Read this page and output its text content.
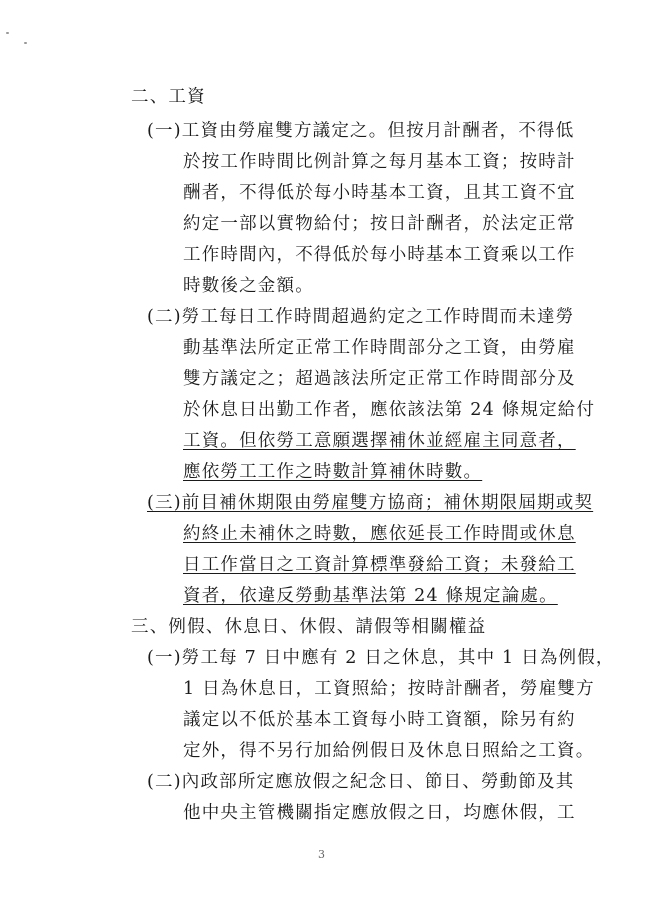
二、工資
(一)工資由勞雇雙方議定之。但按月計酬者，不得低
於按工作時間比例計算之每月基本工資；按時計
酬者，不得低於每小時基本工資，且其工資不宜
約定一部以實物給付；按日計酬者，於法定正常
工作時間內，不得低於每小時基本工資乘以工作
時數後之金額。
(二)勞工每日工作時間超過約定之工作時間而未達勞
動基準法所定正常工作時間部分之工資，由勞雇
雙方議定之；超過該法所定正常工作時間部分及
於休息日出勤工作者，應依該法第 24 條規定給付
工資。但依勞工意願選擇補休並經雇主同意者，
應依勞工工作之時數計算補休時數。
(三)前目補休期限由勞雇雙方協商；補休期限屆期或契
約終止未補休之時數，應依延長工作時間或休息
日工作當日之工資計算標準發給工資；未發給工
資者，依違反勞動基準法第 24 條規定論處。
三、例假、休息日、休假、請假等相關權益
(一)勞工每 7 日中應有 2 日之休息，其中 1 日為例假，
1 日為休息日，工資照給；按時計酬者，勞雇雙方
議定以不低於基本工資每小時工資額，除另有約
定外，得不另行加給例假日及休息日照給之工資。
(二)內政部所定應放假之紀念日、節日、勞動節及其
他中央主管機關指定應放假之日，均應休假，工
3
